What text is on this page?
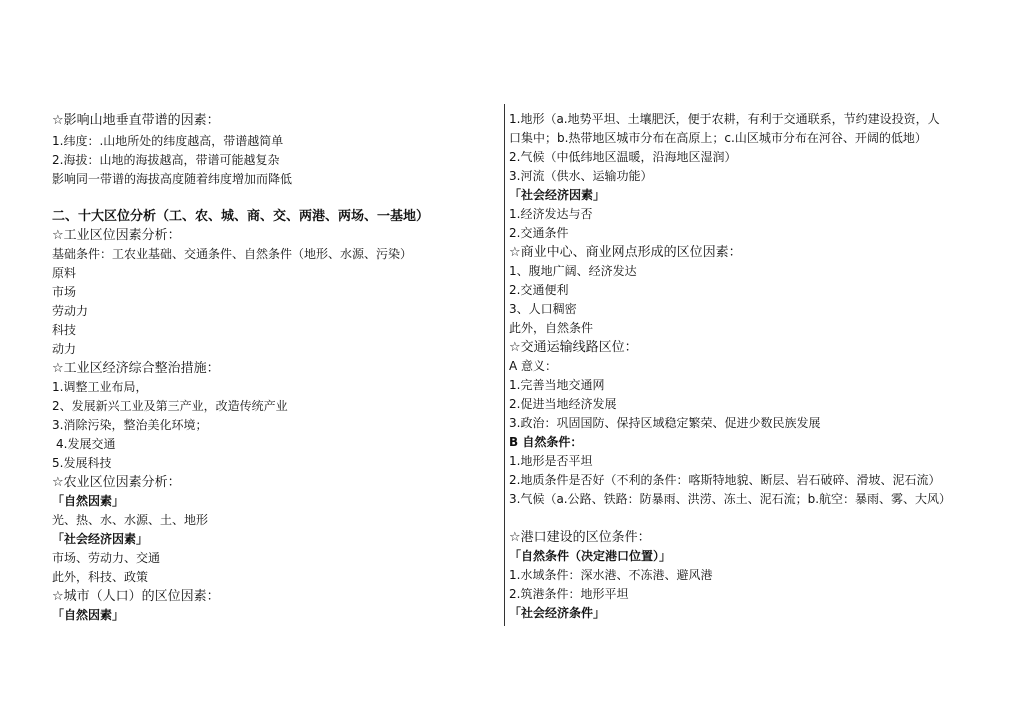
☆影响山地垂直带谱的因素：
1.纬度：.山地所处的纬度越高，带谱越简单
2.海拔：山地的海拔越高，带谱可能越复杂
影响同一带谱的海拔高度随着纬度增加而降低
二、十大区位分析（工、农、城、商、交、两港、两场、一基地）
☆工业区位因素分析：
基础条件：工农业基础、交通条件、自然条件（地形、水源、污染）
原料
市场
劳动力
科技
动力
☆工业区经济综合整治措施：
1.调整工业布局，
2、发展新兴工业及第三产业，改造传统产业
3.消除污染，整治美化环境；
4.发展交通
5.发展科技
☆农业区位因素分析：
「自然因素」
光、热、水、水源、土、地形
「社会经济因素」
市场、劳动力、交通
此外，科技、政策
☆城市（人口）的区位因素：
「自然因素」
1.地形（a.地势平坦、土壤肥沃，便于农耕，有利于交通联系，节约建设投资，人
口集中；b.热带地区城市分布在高原上；c.山区城市分布在河谷、开阔的低地）
2.气候（中低纬地区温暖，沿海地区湿润）
3.河流（供水、运输功能）
「社会经济因素」
1.经济发达与否
2.交通条件
☆商业中心、商业网点形成的区位因素：
1、腹地广阔、经济发达
2.交通便利
3、人口稠密
此外，自然条件
☆交通运输线路区位：
A 意义：
1.完善当地交通网
2.促进当地经济发展
3.政治：巩固国防、保持区域稳定繁荣、促进少数民族发展
B 自然条件：
1.地形是否平坦
2.地质条件是否好（不利的条件：喀斯特地貌、断层、岩石破碎、滑坡、泥石流）
3.气候（a.公路、铁路：防暴雨、洪涝、冻土、泥石流；b.航空：暴雨、雾、大风）
☆港口建设的区位条件：
「自然条件（决定港口位置）」
1.水域条件：深水港、不冻港、避风港
2.筑港条件：地形平坦
「社会经济条件」
